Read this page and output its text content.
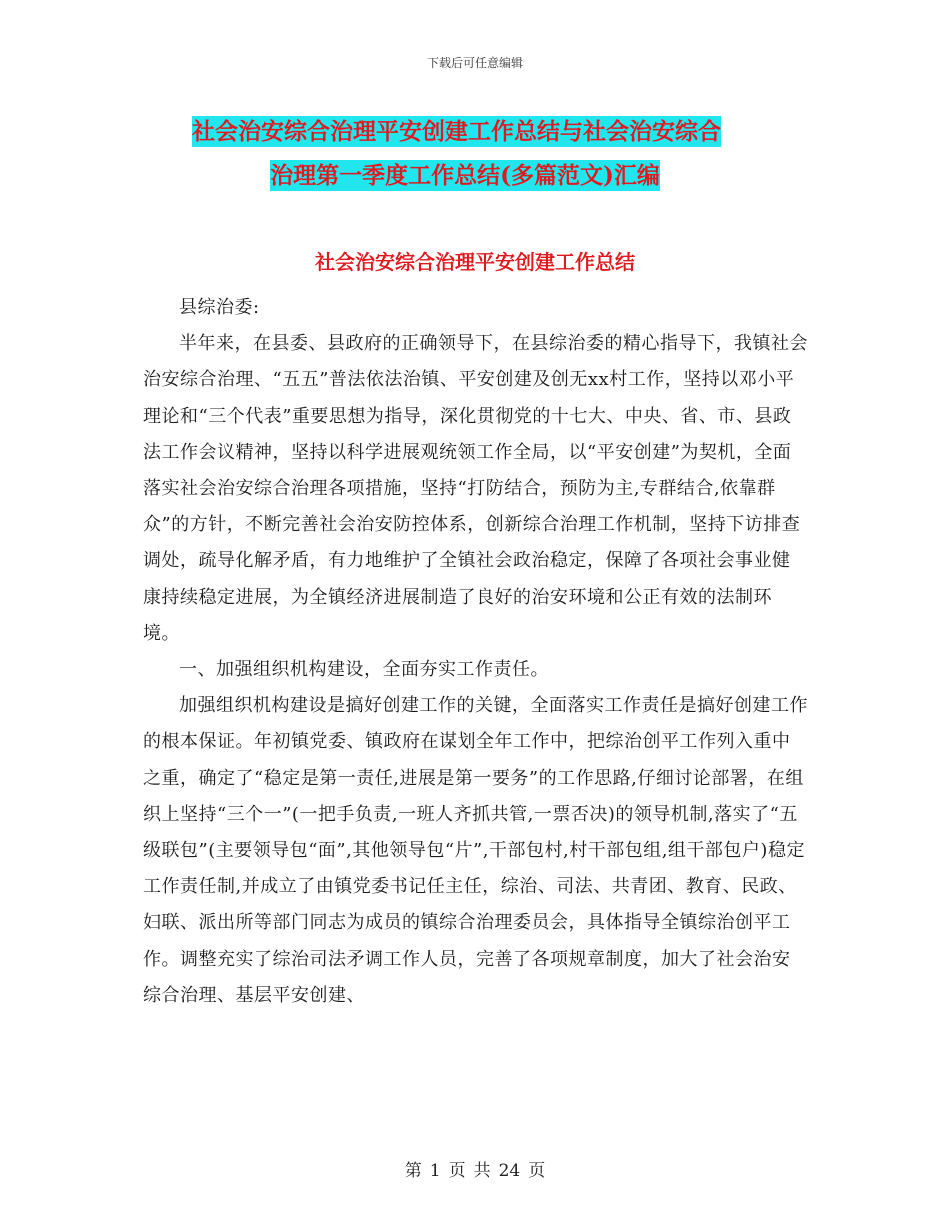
下载后可任意编辑
社会治安综合治理平安创建工作总结与社会治安综合
治理第一季度工作总结(多篇范文)汇编
社会治安综合治理平安创建工作总结

县综治委:

半年来，在县委、县政府的正确领导下，在县综治委的精心指导下，我镇社会治安综合治理、“五五”普法依法治镇、平安创建及创无xx村工作，坚持以邓小平理论和“三个代表”重要思想为指导，深化贯彻党的十七大、中央、省、市、县政法工作会议精神，坚持以科学进展观统领工作全局，以“平安创建”为契机，全面落实社会治安综合治理各项措施，坚持“打防结合，预防为主,专群结合,依靠群众”的方针，不断完善社会治安防控体系，创新综合治理工作机制，坚持下访排查调处，疏导化解矛盾，有力地维护了全镇社会政治稳定，保障了各项社会事业健康持续稳定进展，为全镇经济进展制造了良好的治安环境和公正有效的法制环境。

一、加强组织机构建设，全面夯实工作责任。

加强组织机构建设是搞好创建工作的关键，全面落实工作责任是搞好创建工作的根本保证。年初镇党委、镇政府在谋划全年工作中，把综治创平工作列入重中之重，确定了“稳定是第一责任,进展是第一要务”的工作思路,仔细讨论部署，在组织上坚持“三个一”(一把手负责,一班人齐抓共管,一票否决)的领导机制,落实了“五级联包”(主要领导包“面”,其他领导包“片”,干部包村,村干部包组,组干部包户)稳定工作责任制,并成立了由镇党委书记任主任，综治、司法、共青团、教育、民政、妇联、派出所等部门同志为成员的镇综合治理委员会，具体指导全镇综治创平工作。调整充实了综治司法矛调工作人员，完善了各项规章制度，加大了社会治安综合治理、基层平安创建、

第 1 页 共 24 页
